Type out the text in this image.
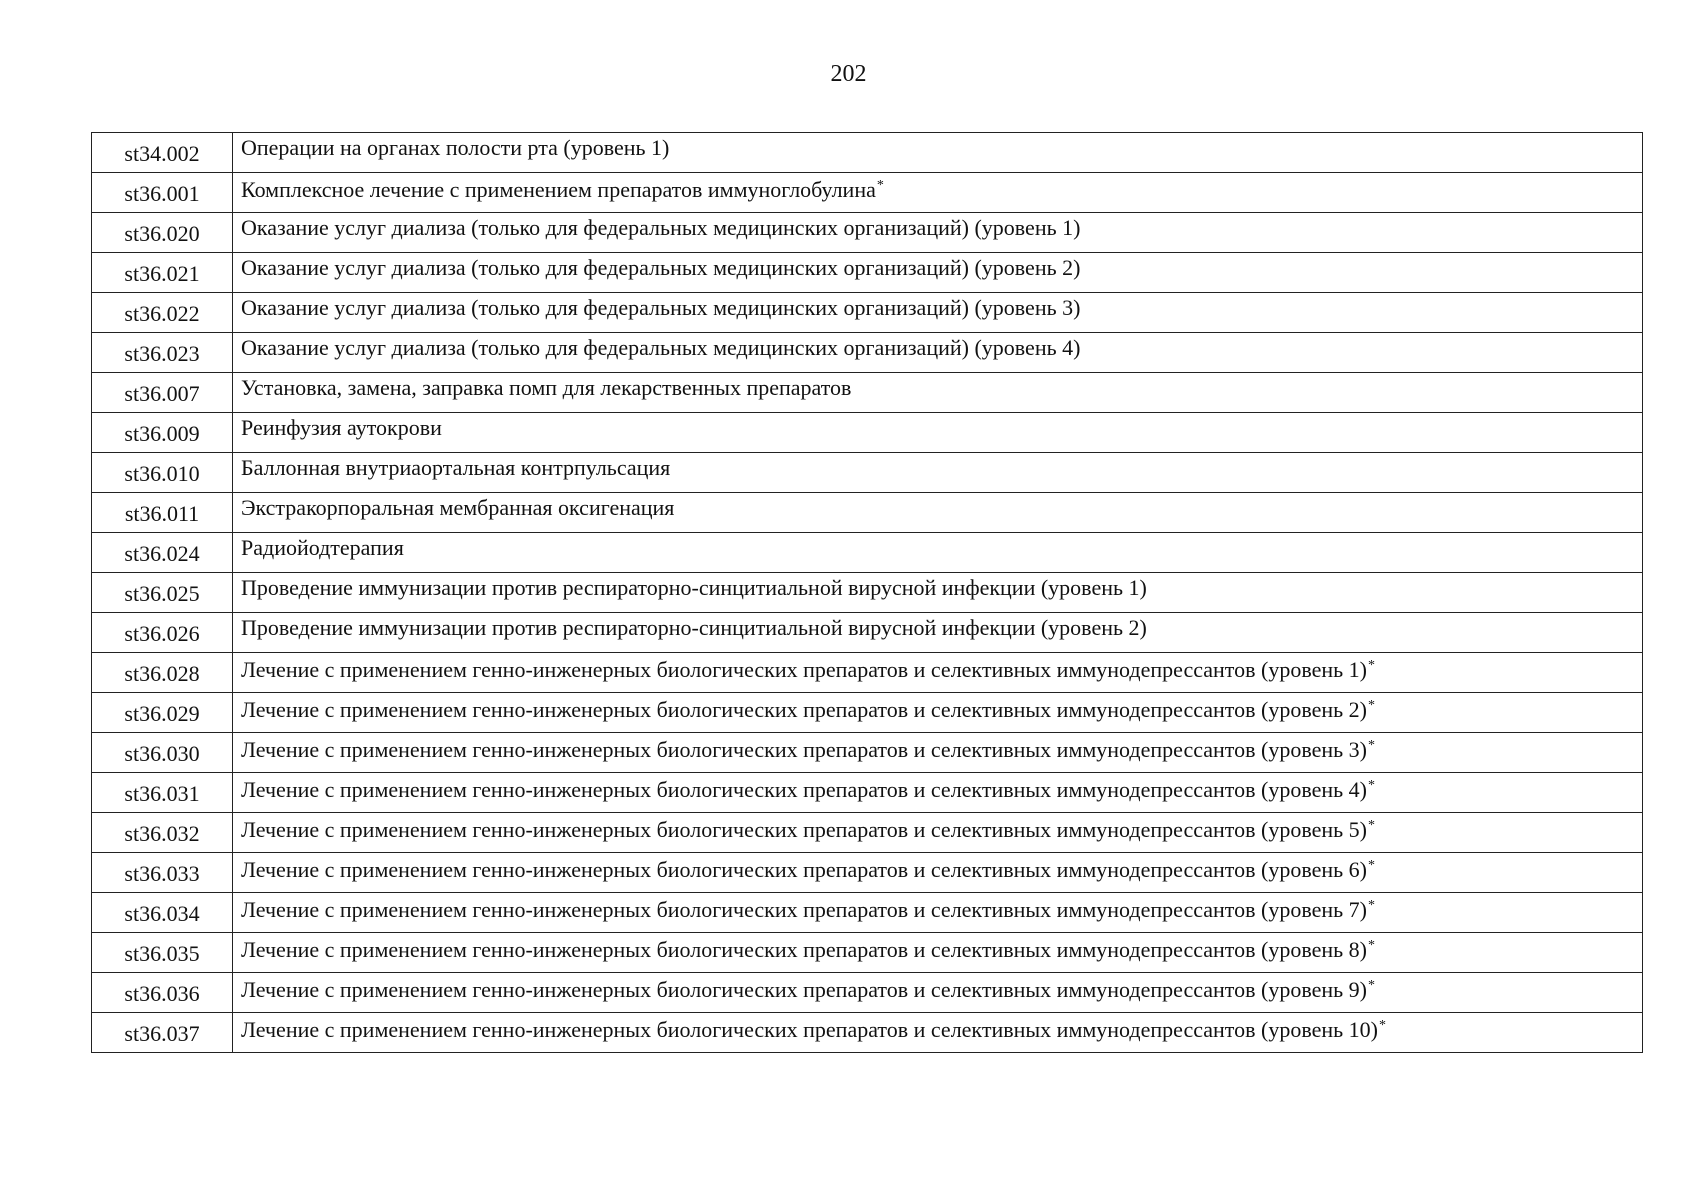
202
st34.002	Операции на органах полости рта (уровень 1)
st36.001	Комплексное лечение с применением препаратов иммуноглобулина*
st36.020	Оказание услуг диализа (только для федеральных медицинских организаций) (уровень 1)
st36.021	Оказание услуг диализа (только для федеральных медицинских организаций) (уровень 2)
st36.022	Оказание услуг диализа (только для федеральных медицинских организаций) (уровень 3)
st36.023	Оказание услуг диализа (только для федеральных медицинских организаций) (уровень 4)
st36.007	Установка, замена, заправка помп для лекарственных препаратов
st36.009	Реинфузия аутокрови
st36.010	Баллонная внутриаортальная контрпульсация
st36.011	Экстракорпоральная мембранная оксигенация
st36.024	Радиойодтерапия
st36.025	Проведение иммунизации против респираторно-синцитиальной вирусной инфекции (уровень 1)
st36.026	Проведение иммунизации против респираторно-синцитиальной вирусной инфекции (уровень 2)
st36.028	Лечение с применением генно-инженерных биологических препаратов и селективных иммунодепрессантов (уровень 1)*
st36.029	Лечение с применением генно-инженерных биологических препаратов и селективных иммунодепрессантов (уровень 2)*
st36.030	Лечение с применением генно-инженерных биологических препаратов и селективных иммунодепрессантов (уровень 3)*
st36.031	Лечение с применением генно-инженерных биологических препаратов и селективных иммунодепрессантов (уровень 4)*
st36.032	Лечение с применением генно-инженерных биологических препаратов и селективных иммунодепрессантов (уровень 5)*
st36.033	Лечение с применением генно-инженерных биологических препаратов и селективных иммунодепрессантов (уровень 6)*
st36.034	Лечение с применением генно-инженерных биологических препаратов и селективных иммунодепрессантов (уровень 7)*
st36.035	Лечение с применением генно-инженерных биологических препаратов и селективных иммунодепрессантов (уровень 8)*
st36.036	Лечение с применением генно-инженерных биологических препаратов и селективных иммунодепрессантов (уровень 9)*
st36.037	Лечение с применением генно-инженерных биологических препаратов и селективных иммунодепрессантов (уровень 10)*
